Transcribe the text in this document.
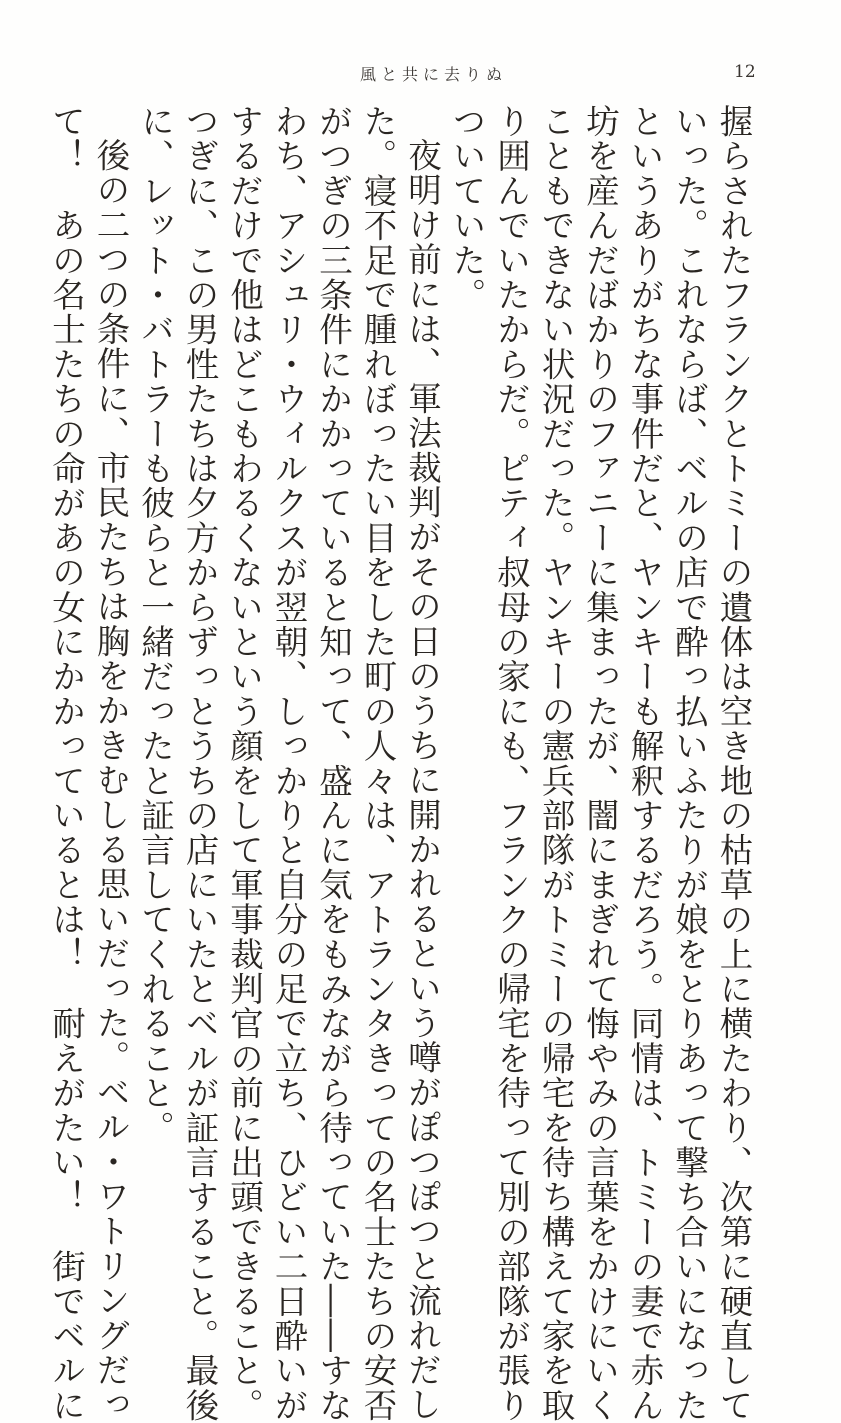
風と共に去りぬ	12
握らされたフランクとトミーの遺体は空き地の枯草の上に横たわり、次第に硬直して
いった。これならば、ベルの店で酔っ払いふたりが娘をとりあって撃ち合いになった
というありがちな事件だと、ヤンキーも解釈するだろう。同情は、トミーの妻で赤ん
坊を産んだばかりのファニーに集まったが、闇にまぎれて悔やみの言葉をかけにいく
こともできない状況だった。ヤンキーの憲兵部隊がトミーの帰宅を待ち構えて家を取
り囲んでいたからだ。ピティ叔母の家にも、フランクの帰宅を待って別の部隊が張り
ついていた。
夜明け前には、軍法裁判がその日のうちに開かれるという噂がぽつぽつと流れだし
た。寝不足で腫れぼったい目をした町の人々は、アトランタきっての名士たちの安否
がつぎの三条件にかかっていると知って、盛んに気をもみながら待っていた――すな
わち、アシュリ・ウィルクスが翌朝、しっかりと自分の足で立ち、ひどい二日酔いが
するだけで他はどこもわるくないという顔をして軍事裁判官の前に出頭できること。
つぎに、この男性たちは夕方からずっとうちの店にいたとベルが証言すること。最後
に、レット・バトラーも彼らと一緒だったと証言してくれること。
後の二つの条件に、市民たちは胸をかきむしる思いだった。ベル・ワトリングだっ
て！　あの名士たちの命があの女にかかっているとは！　耐えがたい！　街でベルに
